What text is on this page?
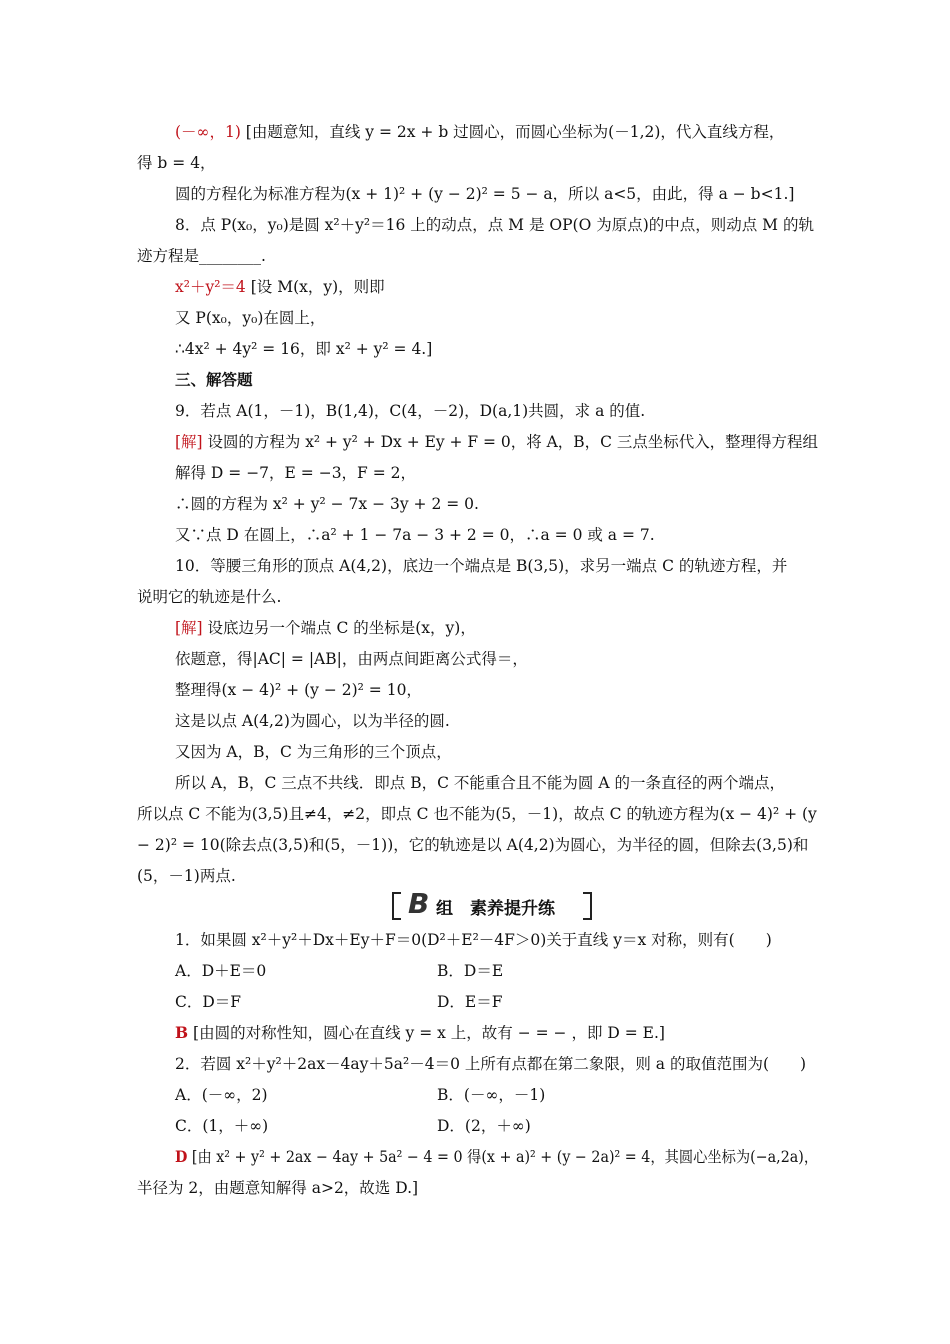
(－∞，1) [由题意知，直线 y = 2x + b 过圆心，而圆心坐标为(－1,2)，代入直线方程，
得 b = 4，
圆的方程化为标准方程为(x + 1)² + (y − 2)² = 5 − a，所以 a<5，由此，得 a − b<1.]
8．点 P(x₀，y₀)是圆 x²＋y²＝16 上的动点，点 M 是 OP(O 为原点)的中点，则动点 M 的轨
迹方程是________.
x²＋y²＝4 [设 M(x，y)，则即
又 P(x₀，y₀)在圆上，
∴4x² + 4y² = 16，即 x² + y² = 4.]
三、解答题
9．若点 A(1，－1)，B(1,4)，C(4，－2)，D(a,1)共圆，求 a 的值.
[解] 设圆的方程为 x² + y² + Dx + Ey + F = 0，将 A，B，C 三点坐标代入，整理得方程组
解得 D = −7，E = −3，F = 2，
∴圆的方程为 x² + y² − 7x − 3y + 2 = 0.
又∵点 D 在圆上，∴a² + 1 − 7a − 3 + 2 = 0，∴a = 0 或 a = 7.
10．等腰三角形的顶点 A(4,2)，底边一个端点是 B(3,5)，求另一端点 C 的轨迹方程，并
说明它的轨迹是什么.
[解] 设底边另一个端点 C 的坐标是(x，y)，
依题意，得|AC| = |AB|，由两点间距离公式得＝，
整理得(x − 4)² + (y − 2)² = 10，
这是以点 A(4,2)为圆心，以为半径的圆.
又因为 A，B，C 为三角形的三个顶点，
所以 A，B，C 三点不共线．即点 B，C 不能重合且不能为圆 A 的一条直径的两个端点，
所以点 C 不能为(3,5)且≠4，≠2，即点 C 也不能为(5，－1)，故点 C 的轨迹方程为(x − 4)² + (y
− 2)² = 10(除去点(3,5)和(5，－1))，它的轨迹是以 A(4,2)为圆心，为半径的圆，但除去(3,5)和
(5，－1)两点.
B 组　素养提升练
1．如果圆 x²＋y²＋Dx＋Ey＋F＝0(D²＋E²－4F＞0)关于直线 y＝x 对称，则有(　　)
A．D＋E＝0	B．D＝E
C．D＝F	D．E＝F
B [由圆的对称性知，圆心在直线 y = x 上，故有 − = − ，即 D = E.]
2．若圆 x²＋y²＋2ax－4ay＋5a²－4＝0 上所有点都在第二象限，则 a 的取值范围为(　　)
A．(－∞，2)	B．(－∞，－1)
C．(1，＋∞)	D．(2，＋∞)
D [由 x² + y² + 2ax − 4ay + 5a² − 4 = 0 得(x + a)² + (y − 2a)² = 4，其圆心坐标为(−a,2a)，
半径为 2，由题意知解得 a>2，故选 D.]
